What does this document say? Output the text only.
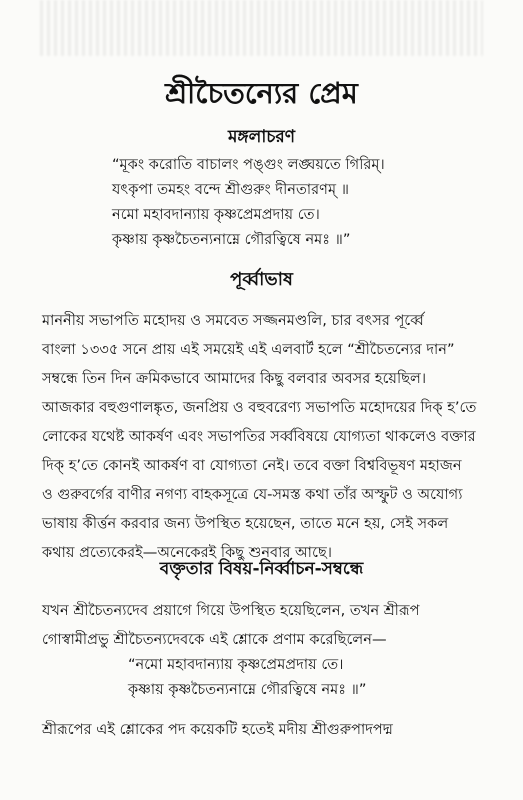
শ্রীচৈতন্যের প্রেম
মঙ্গলাচরণ
“মূকং করোতি বাচালং পঙ্গুং লঙ্ঘয়তে গিরিম্।
যৎকৃপা তমহং বন্দে শ্রীগুরুং দীনতারণম্ ॥
নমো মহাবদান্যায় কৃষ্ণপ্রেমপ্রদায় তে।
কৃষ্ণায় কৃষ্ণচৈতন্যনাম্নে গৌরত্বিষে নমঃ ॥”
পূর্ব্বাভাষ
মাননীয় সভাপতি মহোদয় ও সমবেত সজ্জনমণ্ডলি, চার বৎসর পূর্ব্বে
বাংলা ১৩৩৫ সনে প্রায় এই সময়েই এই এলবার্ট হলে “শ্রীচৈতন্যের দান”
সম্বন্ধে তিন দিন ক্রমিকভাবে আমাদের কিছু বলবার অবসর হয়েছিল।
আজকার বহুগুণালঙ্কৃত, জনপ্রিয় ও বহুবরেণ্য সভাপতি মহোদয়ের দিক্ হ’তে
লোকের যথেষ্ট আকর্ষণ এবং সভাপতির সর্ব্ববিষয়ে যোগ্যতা থাকলেও বক্তার
দিক্ হ’তে কোনই আকর্ষণ বা যোগ্যতা নেই। তবে বক্তা বিশ্ববিভূষণ মহাজন
ও গুরুবর্গের বাণীর নগণ্য বাহকসূত্রে যে-সমস্ত কথা তাঁর অস্ফুট ও অযোগ্য
ভাষায় কীর্ত্তন করবার জন্য উপস্থিত হয়েছেন, তাতে মনে হয়, সেই সকল
কথায় প্রত্যেকেরই—অনেকেরই কিছু শুনবার আছে।
বক্তৃতার বিষয়-নির্ব্বাচন-সম্বন্ধে
যখন শ্রীচৈতন্যদেব প্রয়াগে গিয়ে উপস্থিত হয়েছিলেন, তখন শ্রীরূপ
গোস্বামীপ্রভু শ্রীচৈতন্যদেবকে এই শ্লোকে প্রণাম করেছিলেন—
“নমো মহাবদান্যায় কৃষ্ণপ্রেমপ্রদায় তে।
কৃষ্ণায় কৃষ্ণচৈতন্যনাম্নে গৌরত্বিষে নমঃ ॥”
শ্রীরূপের এই শ্লোকের পদ কয়েকটি হতেই মদীয় শ্রীগুরুপাদপদ্ম
